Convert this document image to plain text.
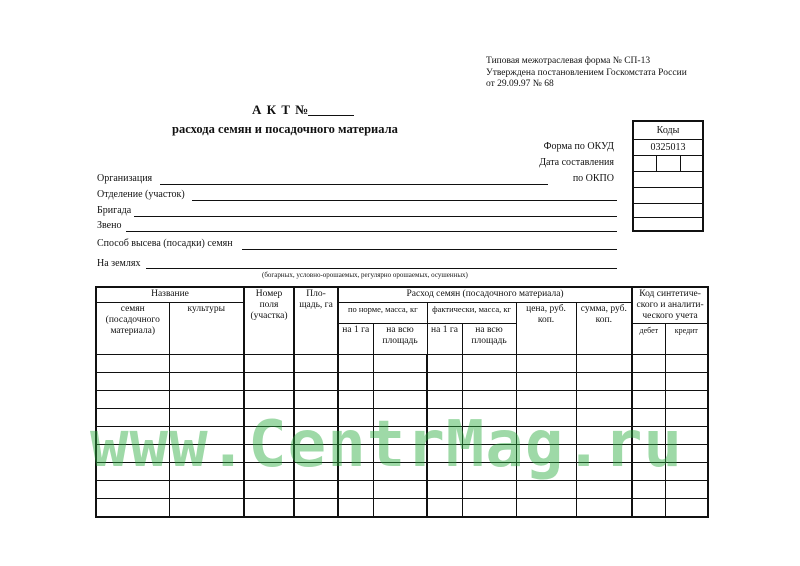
Типовая межотраслевая форма № СП-13
Утверждена постановлением Госкомстата России
от 29.09.97 № 68
А К Т №
расхода семян и посадочного материала	Коды
0325013
Форма по ОКУД
Дата составления
по ОКПО
Организация
Отделение (участок)
Бригада
Звено
Способ высева (посадки) семян
На землях
(богарных, условно-орошаемых, регулярно орошаемых, осушенных)
Название		Номер поля (участка)	Пло-щадь, га	Расход семян (посадочного материала)						Код синтетиче-ского и аналити-ческого учета	
семян (посадочного материала)	культуры			по норме, масса, кг		фактически, масса, кг		цена, руб. коп.	сумма, руб. коп.		
				на 1 га	на всю площадь	на 1 га	на всю площадь			дебет	кредит

www.CentrMag.ru
